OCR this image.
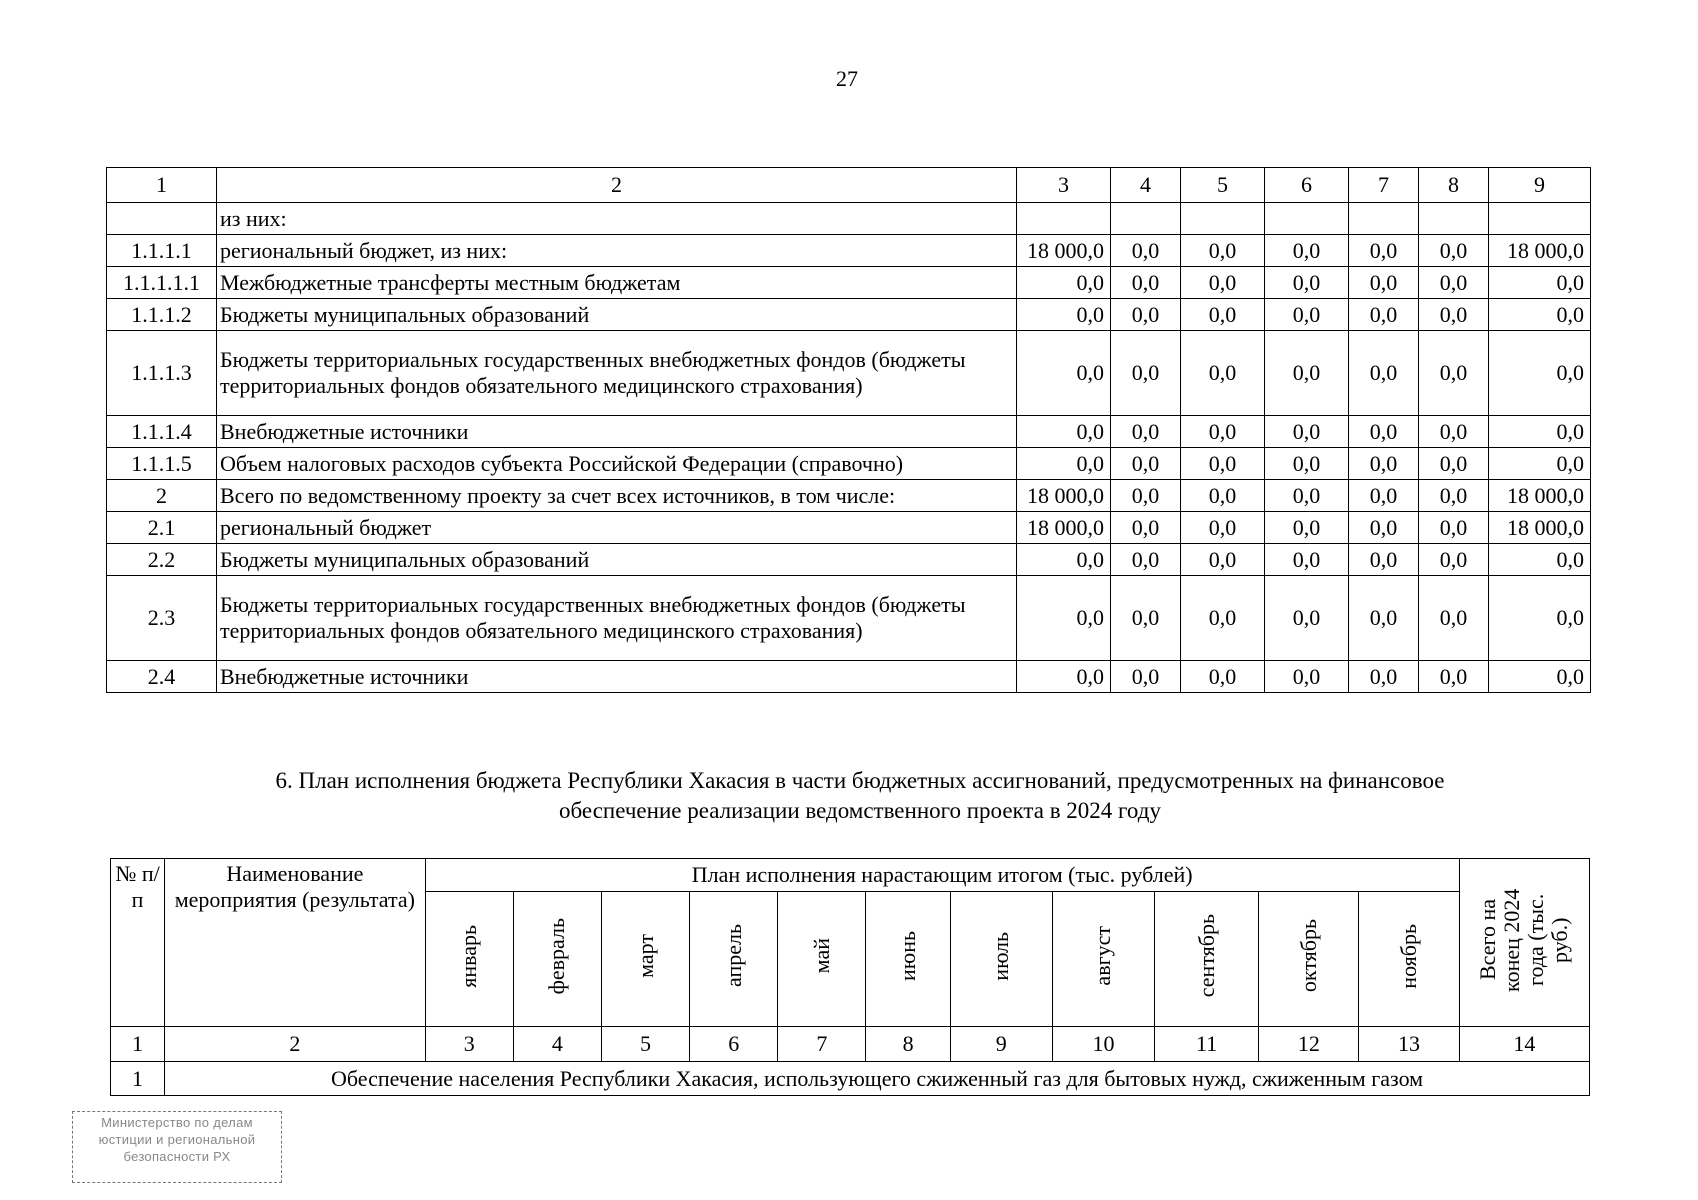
27
1	2	3	4	5	6	7	8	9
	из них:							
1.1.1.1	региональный бюджет, из них:	18 000,0	0,0	0,0	0,0	0,0	0,0	18 000,0
1.1.1.1.1	Межбюджетные трансферты местным бюджетам	0,0	0,0	0,0	0,0	0,0	0,0	0,0
1.1.1.2	Бюджеты муниципальных образований	0,0	0,0	0,0	0,0	0,0	0,0	0,0
1.1.1.3	Бюджеты территориальных государственных внебюджетных фондов (бюджеты территориальных фондов обязательного медицинского страхования)	0,0	0,0	0,0	0,0	0,0	0,0	0,0
1.1.1.4	Внебюджетные источники	0,0	0,0	0,0	0,0	0,0	0,0	0,0
1.1.1.5	Объем налоговых расходов субъекта Российской Федерации (справочно)	0,0	0,0	0,0	0,0	0,0	0,0	0,0
2	Всего по ведомственному проекту за счет всех источников, в том числе:	18 000,0	0,0	0,0	0,0	0,0	0,0	18 000,0
2.1	региональный бюджет	18 000,0	0,0	0,0	0,0	0,0	0,0	18 000,0
2.2	Бюджеты муниципальных образований	0,0	0,0	0,0	0,0	0,0	0,0	0,0
2.3	Бюджеты территориальных государственных внебюджетных фондов (бюджеты территориальных фондов обязательного медицинского страхования)	0,0	0,0	0,0	0,0	0,0	0,0	0,0
2.4	Внебюджетные источники	0,0	0,0	0,0	0,0	0,0	0,0	0,0
6. План исполнения бюджета Республики Хакасия в части бюджетных ассигнований, предусмотренных на финансовое
обеспечение реализации ведомственного проекта в 2024 году
№ п/п	Наименование мероприятия (результата)	План исполнения нарастающим итогом (тыс. рублей)											Всего на конец 2024 года (тыс. руб.)
		январь	февраль	март	апрель	май	июнь	июль	август	сентябрь	октябрь	ноябрь	
1	2	3	4	5	6	7	8	9	10	11	12	13	14
1	Обеспечение населения Республики Хакасия, использующего сжиженный газ для бытовых нужд, сжиженным газом												
Министерство по делам
юстиции и региональной
безопасности РХ
